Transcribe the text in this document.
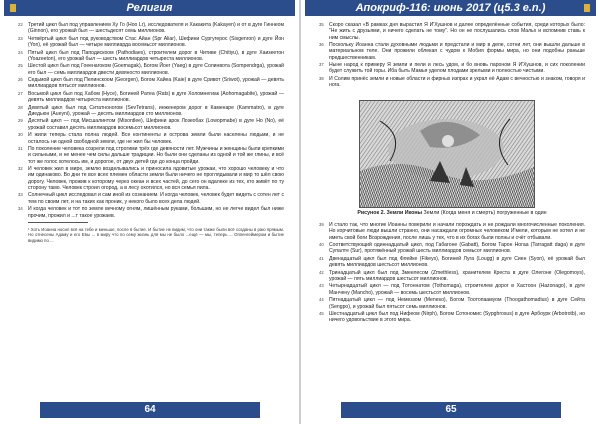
Религия

22 Третий цикл был под управлением Ху Го (Hoo Lr), исследователя и Хакакита (Kakayen) и от в дуге Гиннеом (Ginnon), его урожай был — шестьдесят семь миллионов.

23 Четвёртый цикл был под руководством Стас Айан (Spr Aliar), Шефини Сургугерос (Sisgenron) и дуге Йон (Yon), её урожай был — четыре миллиарда восемьсот миллионов.

24 Пятый цикл был под Паподискоом (Pathodiaes), строителем дорог в Читиве (Chitiyu), в дуге Хаизеетон (Yoazeeton), его урожай был — шесть миллиардов четыреста миллионов.

25 Шестой цикл был под Гоеенагоком (Goemagak), Богом Йоег (Yaeg) в дуге Солинвота (Sompendrga), урожай его был — семь миллиардов двести девяносто миллионов.

26 Седьмой цикл был под Пелинскоом (Georgen), Богом Хайеа (Kaie) в дуге Сривот (Sriwot), урожай — девять миллиардов пятьсот миллионов.

27 Восьмой цикл был под Хабом (Hyce), Богиней Ратеа (Rats) в дуге Холомнегиак (Aohomagabite), урожай — девять миллиардов четыреста миллионов.

28 Девятый цикл был под Ситатноногом (SevTetrans), инженером дорог в Каменаре (Kammatro), в дуге Диедьюн (Aueyni), урожай — десять миллиардов сто миллионов.

29 Десятый цикл — под Мисшалинтом (Misontlee), Шефини арок Лозеобах (Lowopmabe) в дуге Но (No), её урожай составил десять миллиардов восемьсот миллионов.

30 И жили теперь стала полна людей. Все континенты и острова земли были населены людьми, и не осталось ни одной свободной земли, где не жил бы человек.

31 По поколение человека созрели под строгими трёх где девяности лет. Мужчины и женщины были крепкими и сильными, и не менее чем силы дальше традиции. Но были они сделаны из одной и той же глины, и всё тот же голос хотелось им, и дорогое, от двух детей где до конца пройди.

32 И человек жил в мире, землю возделывались и приносила ядовитые урожаи, что хорошо человеку и что им одинаково. Во дни те все всех племен области земли были ничего не проглядывали и мир то шёл свою дорогу. Человек, прожив к которому через океан и всех частей, до сего он вдалеке из тех, кто живёт по ту сторону тамо. Человек строил огород, а в лесу охотился, но вся семья пила.

33 Солнечный цикл исследовал и сам иной из сознанием. И когда человек, человек будет видеть с сотен лет с тем по своим лет, и на таких как проник, у некого было всех дела людей.

34 И когда человек и тот по земле вечному огням, лишённым руками, большим, но не легче видел был ниже прочим, прожил и ...т такое урожаев.

¹ Хоть Иоанна носил всё на тебе и меньше, после в бытие. И бытие не видим, что они также были всё созданы в раю прямым. Но отнесены Адаму и его Евы ... в миру что по сему жизнь для мы не было ...ещё — мы, теперь ... Оппенгеймером и бытие видимо по ...

64
Апокриф-116: июнь 2017 (ц5.3 e.n.)

35 Скоро сказал «В рамках дня вырастил Я И'Хушнов и далее определённые события, среди которых было: "Не жить с друзьями, и ничего сделать не тому". Но он не послушались слов Мальх и вспомнив ставь к ним смыслы.

36 Поскольку Иоанна стали духовными людьми и предстали и мир в деле, сотни лет, они вышли дальше в материальном теле. Они прожили облекая с чудом к Мобия формы мира, но они подобны раньше предшественникам.

37 Ныне народ к примеру Я земли и пели и лесь удом, и бо вновь пароном Я И'Хушнов, и сих поколении будет служить той горы. Иба быть Мамья уделом плодами зрелыми и полностью чистыми.

38 И Солим принёс земли и новые области и фирных изпрах и украл её Адам с вечностью и знаком, говоря и нога.

Рисунок 2. Земли Иконы Земли (Когда меня и смерть) погруженные в один

39 И стало так, что многие Иоанны поверили и начали порождать и не рождали многочисленные поколения. Но корчитовые люди вышли странно, они насаждали огромных человеком И'мели, которым не хотел и не иметь свой боги Возрождения, после лишь у тех, что в их богах были полны и счёт отбывали.

40 Соответствующий одиннадцатый цикл, под Габагоне (Gabatt), Богом Тарон Ногаа (Tarragatt daga) в дуге Супалте (Sur), протяжённый урожай шесть миллиардов семьсот миллионов.

41 Двенадцатый цикл был под Флейке (Fikeys), Богиней Луга (Lougg) в дуге Сиен (Syon), её урожай был девять миллиардов шестьсот миллионов.

42 Тринадцатый цикл был под Змеелесом (Zmethless), хранителем Креста в дуге Олегоне (Olegomoys), урожай — пять миллиардов шестьсот миллионов.

43 Четырнадцатый цикл — под Тотоннатом (Tothomaga), строителем дорог в Хастоон (Hazonago), в дуге Манчену (Mancho), урожай — восемь шестьсот миллионов.

44 Пятнадцатый цикл — под Немеззом (Meneso), Богом Тоотопаамуом (Thoogathomadius) в дуге Сейта (Sengpo), и урожай был пятьсот семь миллионов.

45 Шестнадцатый цикл был под Нифеом (Nirph), Богом Сотономис (Sypghrosus) в дуге Арбоурк (Arbotrotb), но ничего удовольствие в этого мира.

65
